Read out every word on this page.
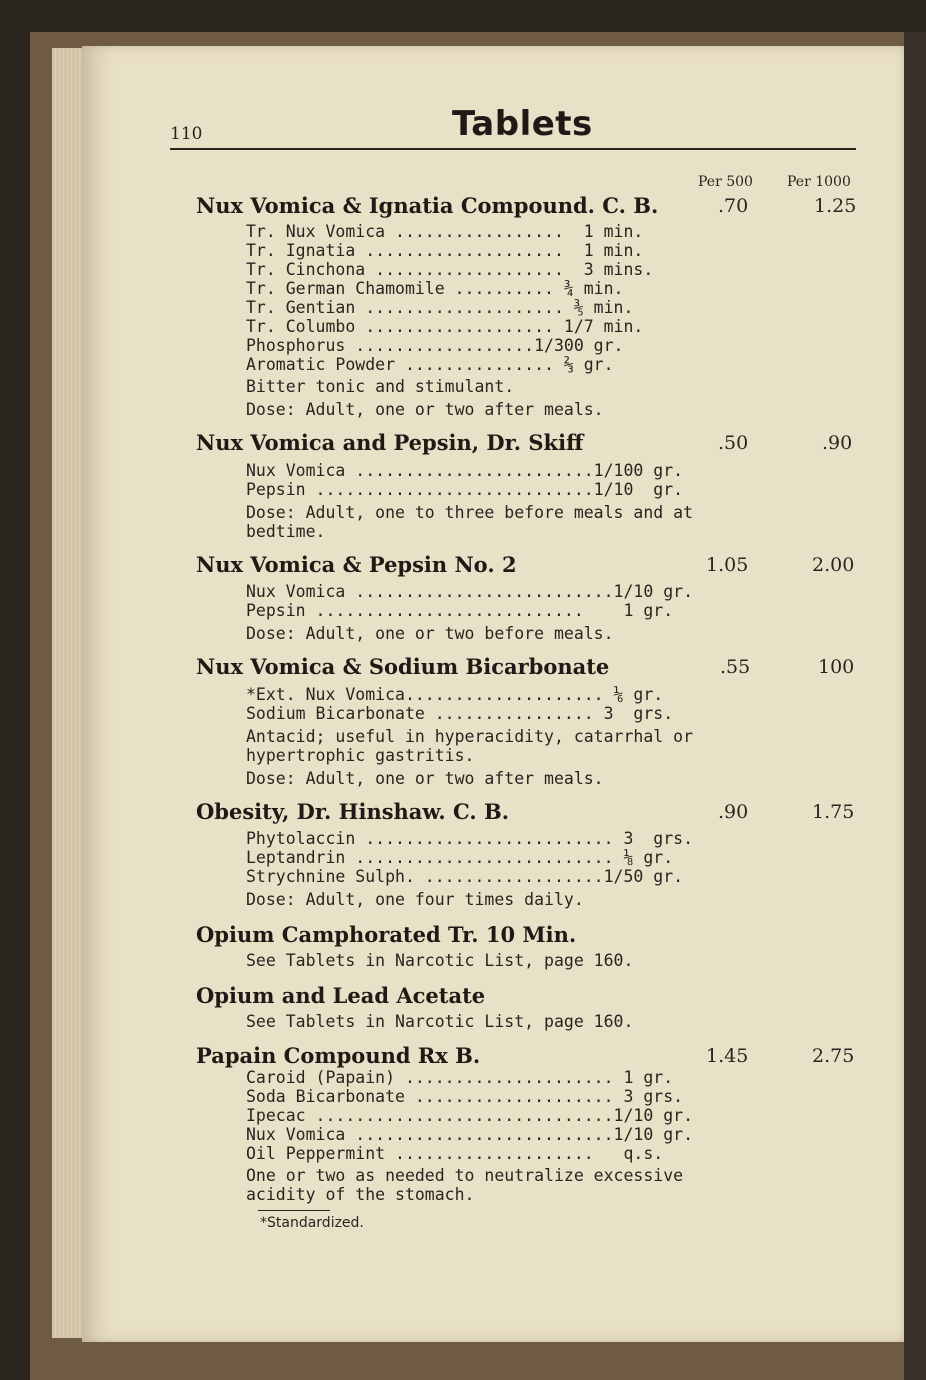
110	Tablets
Per 500 Per 1000
Nux Vomica & Ignatia Compound. C. B.	.70	1.25
Tr. Nux Vomica .................  1 min.
Tr. Ignatia ....................  1 min.
Tr. Cinchona ...................  3 mins.
Tr. German Chamomile .......... ¾ min.
Tr. Gentian .................... ⅗ min.
Tr. Columbo ................... 1/7 min.
Phosphorus ..................1/300 gr.
Aromatic Powder ............... ⅔ gr.
Bitter tonic and stimulant.
Dose: Adult, one or two after meals.
Nux Vomica and Pepsin, Dr. Skiff	.50	.90
Nux Vomica ........................1/100 gr.
Pepsin ............................1/10  gr.
Dose: Adult, one to three before meals and at
bedtime.
Nux Vomica & Pepsin No. 2	1.05	2.00
Nux Vomica ..........................1/10 gr.
Pepsin ...........................    1 gr.
Dose: Adult, one or two before meals.
Nux Vomica & Sodium Bicarbonate	.55	100
*Ext. Nux Vomica.................... ⅙ gr.
Sodium Bicarbonate ................ 3  grs.
Antacid; useful in hyperacidity, catarrhal or
hypertrophic gastritis.
Dose: Adult, one or two after meals.
Obesity, Dr. Hinshaw. C. B.	.90	1.75
Phytolaccin ......................... 3  grs.
Leptandrin .......................... ⅛ gr.
Strychnine Sulph. ..................1/50 gr.
Dose: Adult, one four times daily.
Opium Camphorated Tr. 10 Min.
See Tablets in Narcotic List, page 160.
Opium and Lead Acetate
See Tablets in Narcotic List, page 160.
Papain Compound Rx B.	1.45	2.75
Caroid (Papain) ..................... 1 gr.
Soda Bicarbonate .................... 3 grs.
Ipecac ..............................1/10 gr.
Nux Vomica ..........................1/10 gr.
Oil Peppermint ....................   q.s.
One or two as needed to neutralize excessive
acidity of the stomach.
*Standardized.
